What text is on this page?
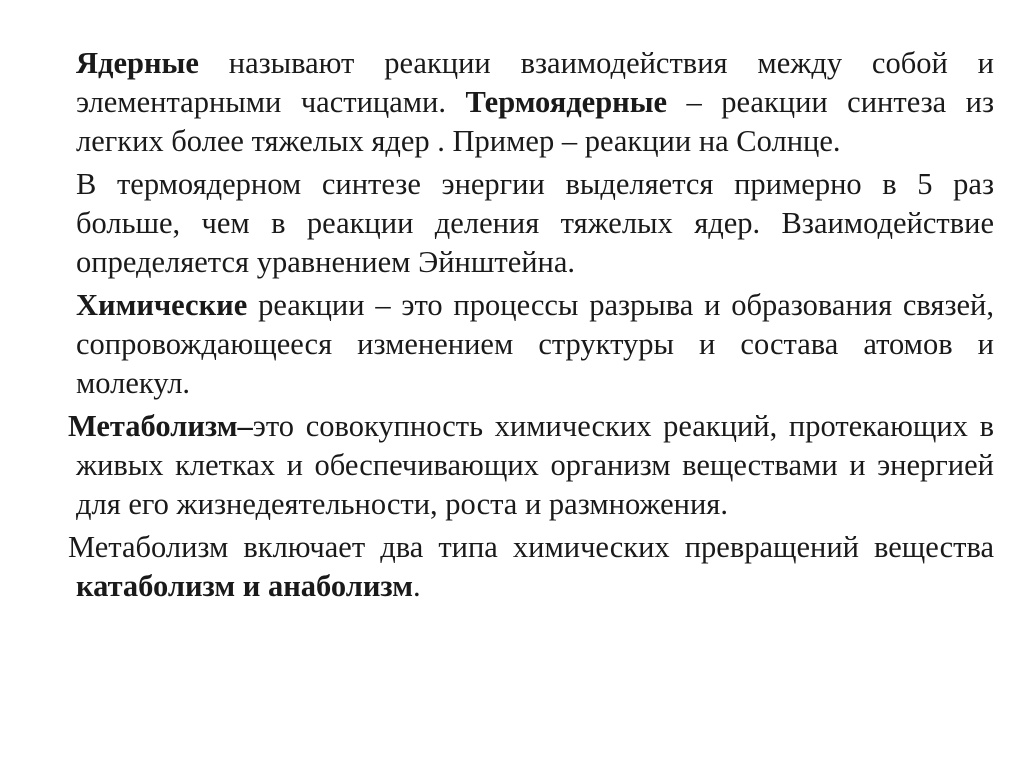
Ядерные называют реакции взаимодействия между собой и элементарными частицами. Термоядерные – реакции синтеза из легких более тяжелых ядер . Пример – реакции на Солнце.

В термоядерном синтезе энергии выделяется примерно в 5 раз больше, чем в реакции деления тяжелых ядер. Взаимодействие определяется уравнением Эйнштейна.

Химические реакции – это процессы разрыва и образования связей, сопровождающееся изменением структуры и состава атомов и молекул.

Метаболизм–это совокупность химических реакций, протекающих в живых клетках и обеспечивающих организм веществами и энергией для его жизнедеятельности, роста и размножения.

Метаболизм включает два типа химических превращений вещества катаболизм и анаболизм.
